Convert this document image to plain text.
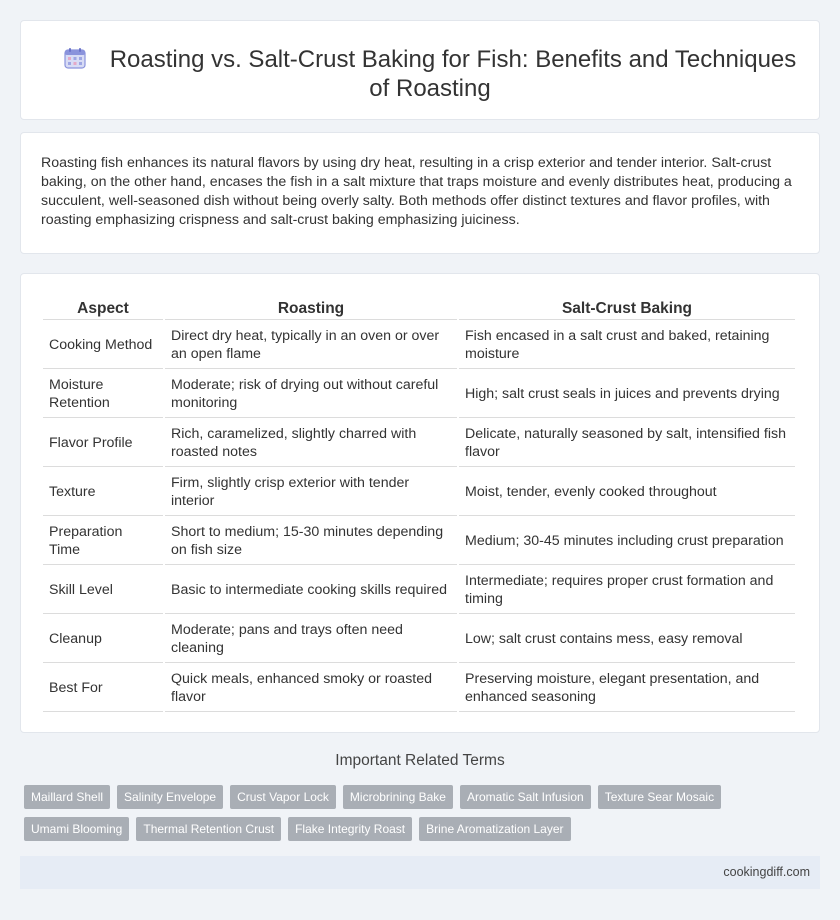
Roasting vs. Salt-Crust Baking for Fish: Benefits and Techniques of Roasting

Roasting fish enhances its natural flavors by using dry heat, resulting in a crisp exterior and tender interior. Salt-crust baking, on the other hand, encases the fish in a salt mixture that traps moisture and evenly distributes heat, producing a succulent, well-seasoned dish without being overly salty. Both methods offer distinct textures and flavor profiles, with roasting emphasizing crispness and salt-crust baking emphasizing juiciness.

Aspect	Roasting	Salt-Crust Baking
Cooking Method	Direct dry heat, typically in an oven or over an open flame	Fish encased in a salt crust and baked, retaining moisture
Moisture Retention	Moderate; risk of drying out without careful monitoring	High; salt crust seals in juices and prevents drying
Flavor Profile	Rich, caramelized, slightly charred with roasted notes	Delicate, naturally seasoned by salt, intensified fish flavor
Texture	Firm, slightly crisp exterior with tender interior	Moist, tender, evenly cooked throughout
Preparation Time	Short to medium; 15-30 minutes depending on fish size	Medium; 30-45 minutes including crust preparation
Skill Level	Basic to intermediate cooking skills required	Intermediate; requires proper crust formation and timing
Cleanup	Moderate; pans and trays often need cleaning	Low; salt crust contains mess, easy removal
Best For	Quick meals, enhanced smoky or roasted flavor	Preserving moisture, elegant presentation, and enhanced seasoning
Important Related Terms
Maillard Shell	Salinity Envelope	Crust Vapor Lock	Microbrining Bake	Aromatic Salt Infusion	Texture Sear Mosaic
Umami Blooming	Thermal Retention Crust	Flake Integrity Roast	Brine Aromatization Layer
cookingdiff.com
